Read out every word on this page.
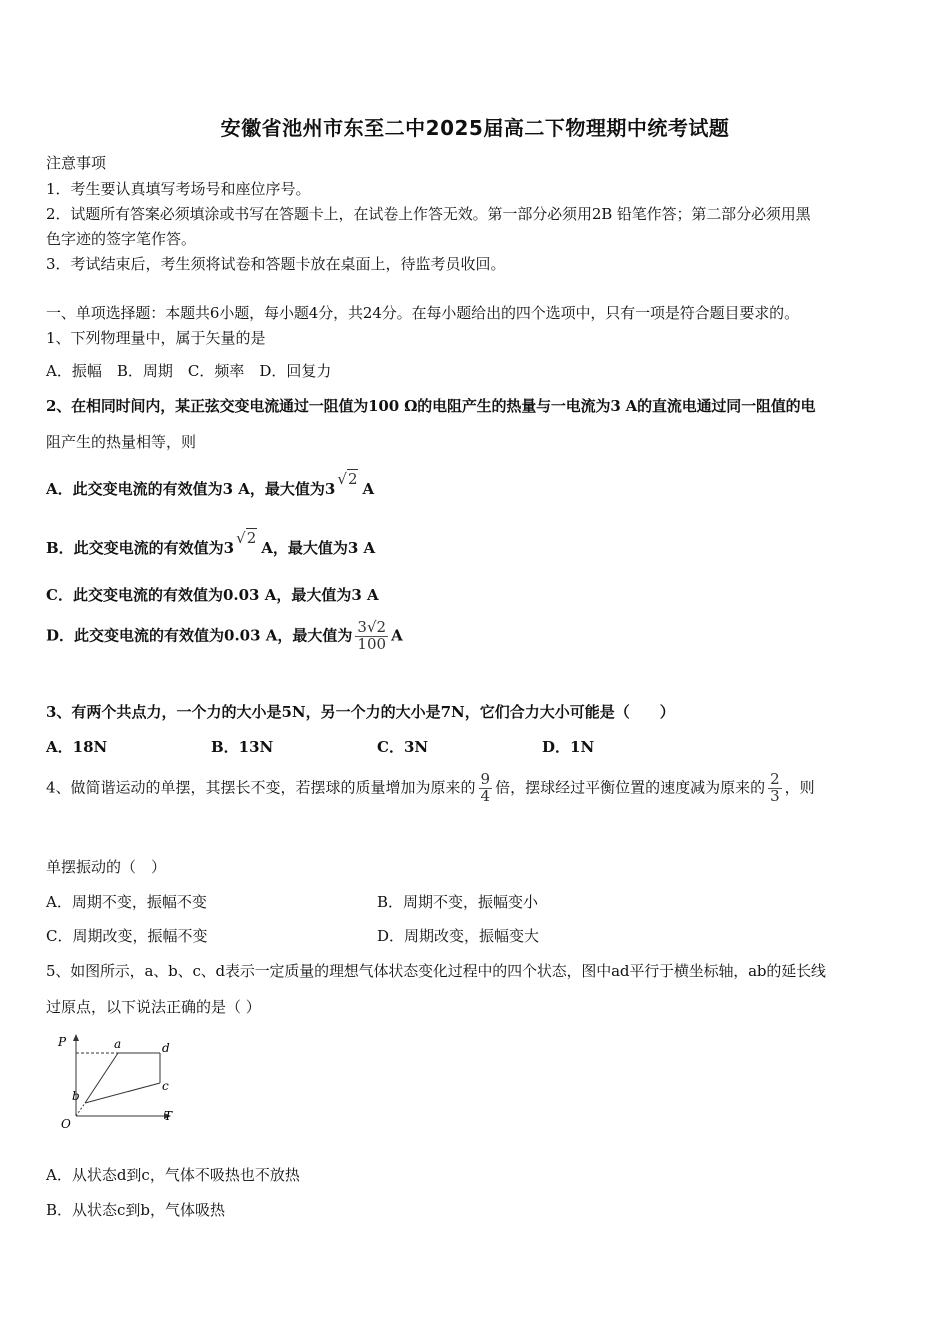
安徽省池州市东至二中2025届高二下物理期中统考试题
注意事项
1．考生要认真填写考场号和座位序号。
2．试题所有答案必须填涂或书写在答题卡上，在试卷上作答无效。第一部分必须用2B 铅笔作答；第二部分必须用黑
色字迹的签字笔作答。
3．考试结束后，考生须将试卷和答题卡放在桌面上，待监考员收回。
一、单项选择题：本题共6小题，每小题4分，共24分。在每小题给出的四个选项中，只有一项是符合题目要求的。
1、下列物理量中，属于矢量的是
A．振幅　B．周期　C．频率　D．回复力
2、在相同时间内，某正弦交变电流通过一阻值为100 Ω的电阻产生的热量与一电流为3 A的直流电通过同一阻值的电
阻产生的热量相等，则
A．此交变电流的有效值为3 A，最大值为3√2A
B．此交变电流的有效值为3√2A，最大值为3 A
C．此交变电流的有效值为0.03 A，最大值为3 A
D．此交变电流的有效值为0.03 A，最大值为 $\frac{3√2}{100}$ A
3、有两个共点力，一个力的大小是5N，另一个力的大小是7N，它们合力大小可能是（　　）
A．18N	B．13N	C．3N	D．1N
4、做简谐运动的单摆，其摆长不变，若摆球的质量增加为原来的 $\frac{9}{4}$ 倍，摆球经过平衡位置的速度减为原来的 $\frac{2}{3}$ ，则
单摆振动的（　）
A．周期不变，振幅不变	B．周期不变，振幅变小
C．周期改变，振幅不变	D．周期改变，振幅变大
5、如图所示，a、b、c、d表示一定质量的理想气体状态变化过程中的四个状态，图中ad平行于横坐标轴，ab的延长线
过原点，以下说法正确的是（ ）
P
T
O
a
b
c
d
A．从状态d到c，气体不吸热也不放热
B．从状态c到b，气体吸热
